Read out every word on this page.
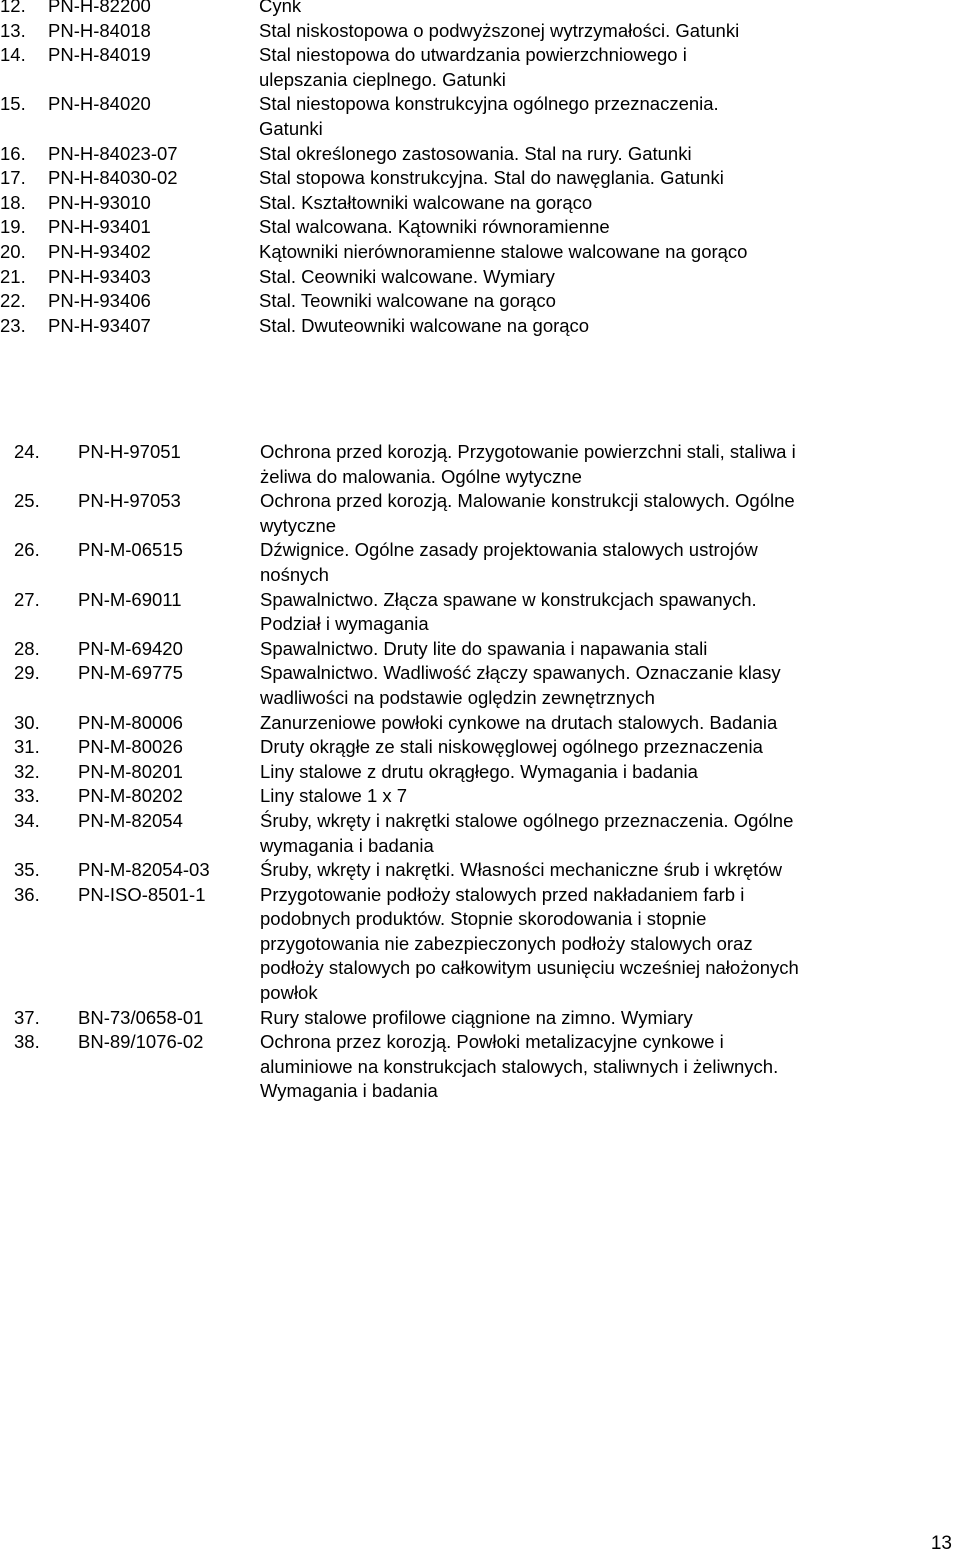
12.	PN-H-82200	Cynk
13.	PN-H-84018	Stal niskostopowa o podwyższonej wytrzymałości. Gatunki
14.	PN-H-84019	Stal niestopowa do utwardzania powierzchniowego i ulepszania cieplnego. Gatunki
15.	PN-H-84020	Stal niestopowa konstrukcyjna ogólnego przeznaczenia. Gatunki
16.	PN-H-84023-07	Stal określonego zastosowania. Stal na rury. Gatunki
17.	PN-H-84030-02	Stal stopowa konstrukcyjna. Stal do nawęglania. Gatunki
18.	PN-H-93010	Stal. Kształtowniki walcowane na gorąco
19.	PN-H-93401	Stal walcowana. Kątowniki równoramienne
20.	PN-H-93402	Kątowniki nierównoramienne stalowe walcowane na gorąco
21.	PN-H-93403	Stal. Ceowniki walcowane. Wymiary
22.	PN-H-93406	Stal. Teowniki walcowane na gorąco
23.	PN-H-93407	Stal. Dwuteowniki walcowane na gorąco
24.	PN-H-97051	Ochrona przed korozją. Przygotowanie powierzchni stali, staliwa i żeliwa do malowania. Ogólne wytyczne
25.	PN-H-97053	Ochrona przed korozją. Malowanie konstrukcji stalowych. Ogólne wytyczne
26.	PN-M-06515	Dźwignice. Ogólne zasady projektowania stalowych ustrojów nośnych
27.	PN-M-69011	Spawalnictwo. Złącza spawane w konstrukcjach spawanych. Podział i wymagania
28.	PN-M-69420	Spawalnictwo. Druty lite do spawania i napawania stali
29.	PN-M-69775	Spawalnictwo. Wadliwość złączy spawanych. Oznaczanie klasy wadliwości na podstawie oględzin zewnętrznych
30.	PN-M-80006	Zanurzeniowe powłoki cynkowe na drutach stalowych. Badania
31.	PN-M-80026	Druty okrągłe ze stali niskowęglowej ogólnego przeznaczenia
32.	PN-M-80201	Liny stalowe z drutu okrągłego. Wymagania i badania
33.	PN-M-80202	Liny stalowe 1 x 7
34.	PN-M-82054	Śruby, wkręty i nakrętki stalowe ogólnego przeznaczenia. Ogólne wymagania i badania
35.	PN-M-82054-03	Śruby, wkręty i nakrętki. Własności mechaniczne śrub i wkrętów
36.	PN-ISO-8501-1	Przygotowanie podłoży stalowych przed nakładaniem farb i podobnych produktów. Stopnie skorodowania i stopnie przygotowania nie zabezpieczonych podłoży stalowych oraz podłoży stalowych po całkowitym usunięciu wcześniej nałożonych powłok
37.	BN-73/0658-01	Rury stalowe profilowe ciągnione na zimno. Wymiary
38.	BN-89/1076-02	Ochrona przez korozją. Powłoki metalizacyjne cynkowe i aluminiowe na konstrukcjach stalowych, staliwnych i żeliwnych. Wymagania i badania
13
